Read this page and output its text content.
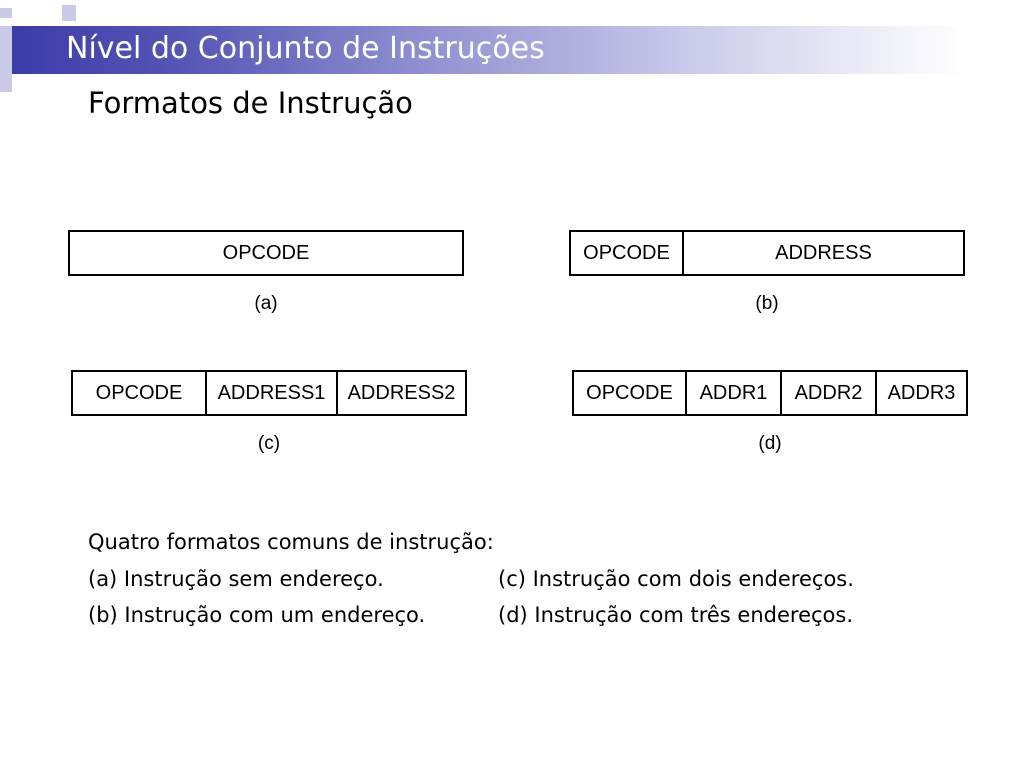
Nível do Conjunto de Instruções
Formatos de Instrução
OPCODE
(a)
OPCODE	ADDRESS
(b)
OPCODE	ADDRESS1	ADDRESS2
(c)
OPCODE	ADDR1	ADDR2	ADDR3
(d)
Quatro formatos comuns de instrução:
(a) Instrução sem endereço.	(c) Instrução com dois endereços.
(b) Instrução com um endereço.	(d) Instrução com três endereços.
